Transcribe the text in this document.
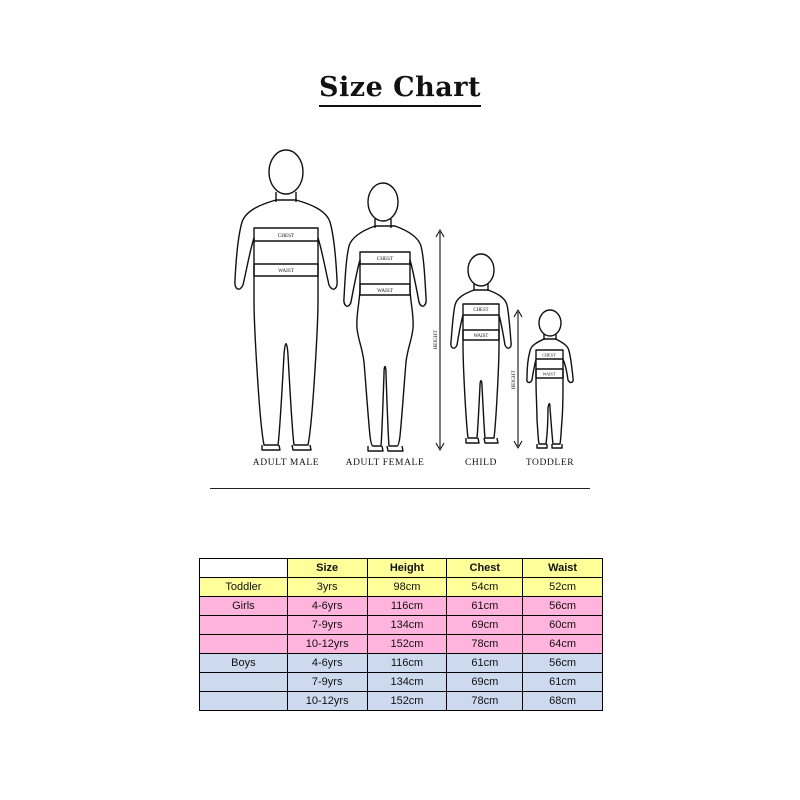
Size Chart
CHEST
WAIST
CHEST
WAIST
CHEST
WAIST
CHEST
WAIST
HEIGHT
HEIGHT
ADULT MALE	ADULT FEMALE	CHILD	TODDLER
	Size	Height	Chest	Waist
Toddler	3yrs	98cm	54cm	52cm
Girls	4-6yrs	116cm	61cm	56cm
	7-9yrs	134cm	69cm	60cm
	10-12yrs	152cm	78cm	64cm
Boys	4-6yrs	116cm	61cm	56cm
	7-9yrs	134cm	69cm	61cm
	10-12yrs	152cm	78cm	68cm
